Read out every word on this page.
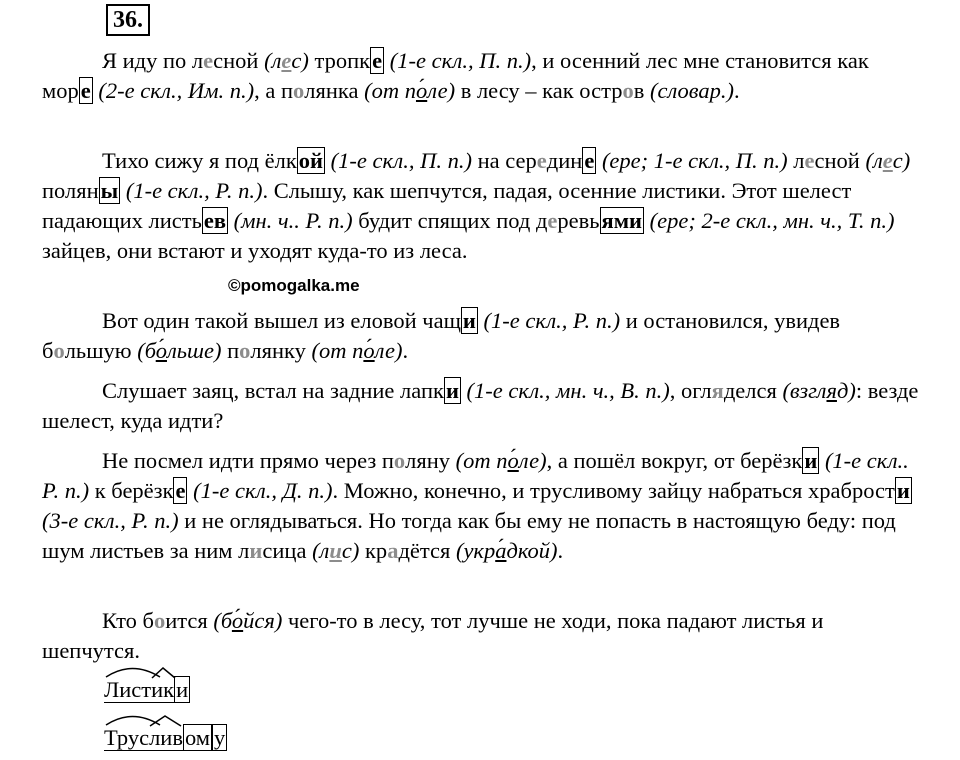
36.

Я иду по лесной (лес) тропке (1-е скл., П. п.), и осенний лес мне становится как море (2-е скл., Им. п.), а полянка (от по ´ле) в лесу – как остров (словар.).

Тихо сижу я под ёлкой (1-е скл., П. п.) на середине (ере; 1-е скл., П. п.) лесной (лес) поляны (1-е скл., Р. п.). Слышу, как шепчутся, падая, осенние листики. Этот шелест падающих листьев (мн. ч.. Р. п.) будит спящих под деревьями (ере; 2-е скл., мн. ч., Т. п.) зайцев, они встают и уходят куда-то из леса.

©pomogalka.me

Вот один такой вышел из еловой чащи (1-е скл., Р. п.) и остановился, увидев большую (бо ´льше) полянку (от по ´ле).

Слушает заяц, встал на задние лапки (1-е скл., мн. ч., В. п.), огляделся (взгляд): везде шелест, куда идти?

Не посмел идти прямо через поляну (от по ´ле), а пошёл вокруг, от берёзки (1-е скл.. Р. п.) к берёзке (1-е скл., Д. п.). Можно, конечно, и трусливому зайцу набраться храбрости (3-е скл., Р. п.) и не оглядываться. Но тогда как бы ему не попасть в настоящую беду: под шум листьев за ним лисица (лис) крадётся (укра ´дкой).

Кто боится (бо ´йся) чего-то в лесу, тот лучше не ходи, пока падают листья и шепчутся.

Лист
ики
Трус
ливом у
